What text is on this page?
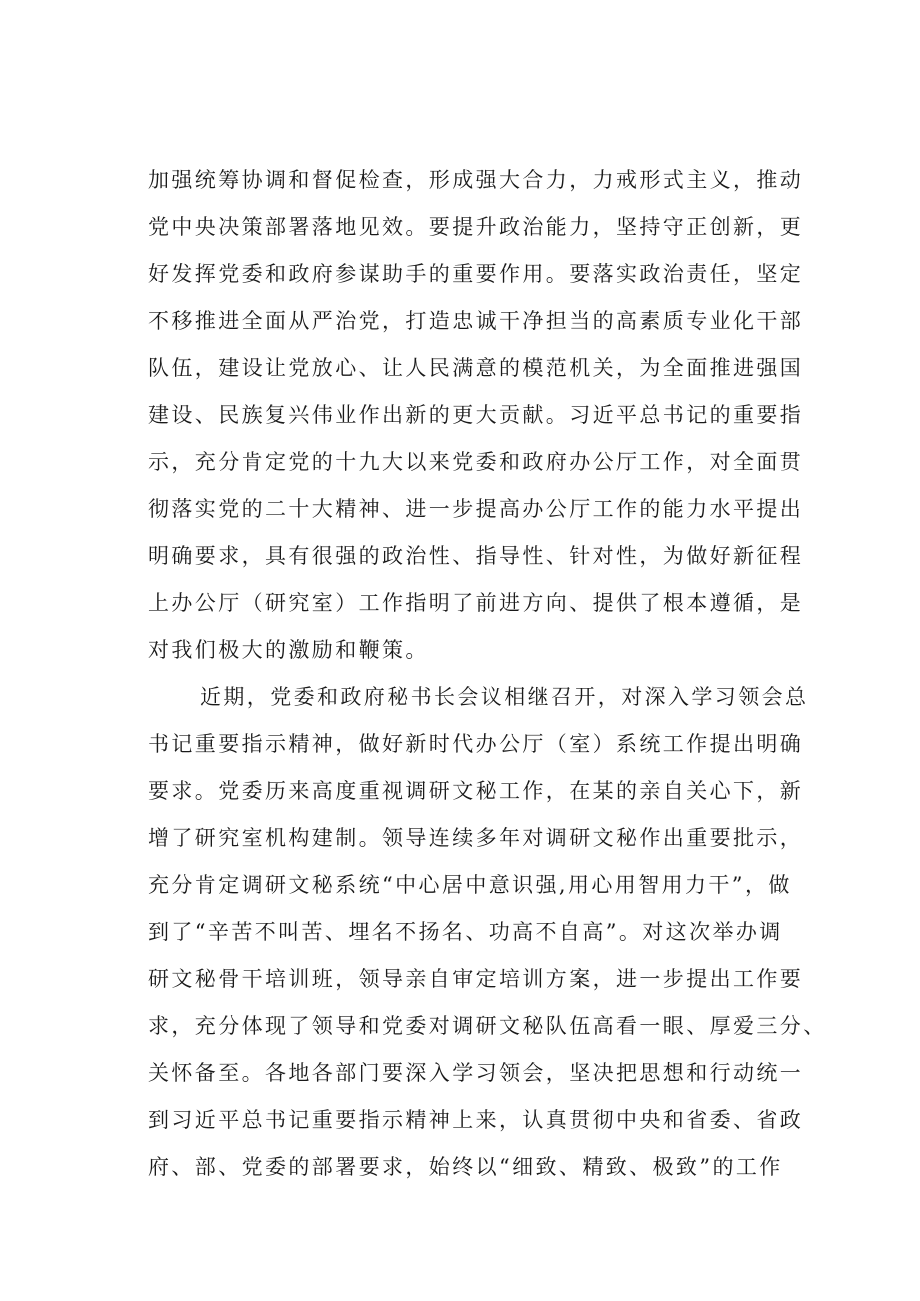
加强统筹协调和督促检查，形成强大合力，力戒形式主义，推动
党中央决策部署落地见效。要提升政治能力，坚持守正创新，更
好发挥党委和政府参谋助手的重要作用。要落实政治责任，坚定
不移推进全面从严治党，打造忠诚干净担当的高素质专业化干部
队伍，建设让党放心、让人民满意的模范机关，为全面推进强国
建设、民族复兴伟业作出新的更大贡献。习近平总书记的重要指
示，充分肯定党的十九大以来党委和政府办公厅工作，对全面贯
彻落实党的二十大精神、进一步提高办公厅工作的能力水平提出
明确要求，具有很强的政治性、指导性、针对性，为做好新征程
上办公厅（研究室）工作指明了前进方向、提供了根本遵循，是
对我们极大的激励和鞭策。
近期，党委和政府秘书长会议相继召开，对深入学习领会总
书记重要指示精神，做好新时代办公厅（室）系统工作提出明确
要求。党委历来高度重视调研文秘工作，在某的亲自关心下，新
增了研究室机构建制。领导连续多年对调研文秘作出重要批示，
充分肯定调研文秘系统“中心居中意识强,用心用智用力干”，做
到了“辛苦不叫苦、埋名不扬名、功高不自高”。对这次举办调
研文秘骨干培训班，领导亲自审定培训方案，进一步提出工作要
求，充分体现了领导和党委对调研文秘队伍高看一眼、厚爱三分、
关怀备至。各地各部门要深入学习领会，坚决把思想和行动统一
到习近平总书记重要指示精神上来，认真贯彻中央和省委、省政
府、部、党委的部署要求，始终以“细致、精致、极致”的工作
